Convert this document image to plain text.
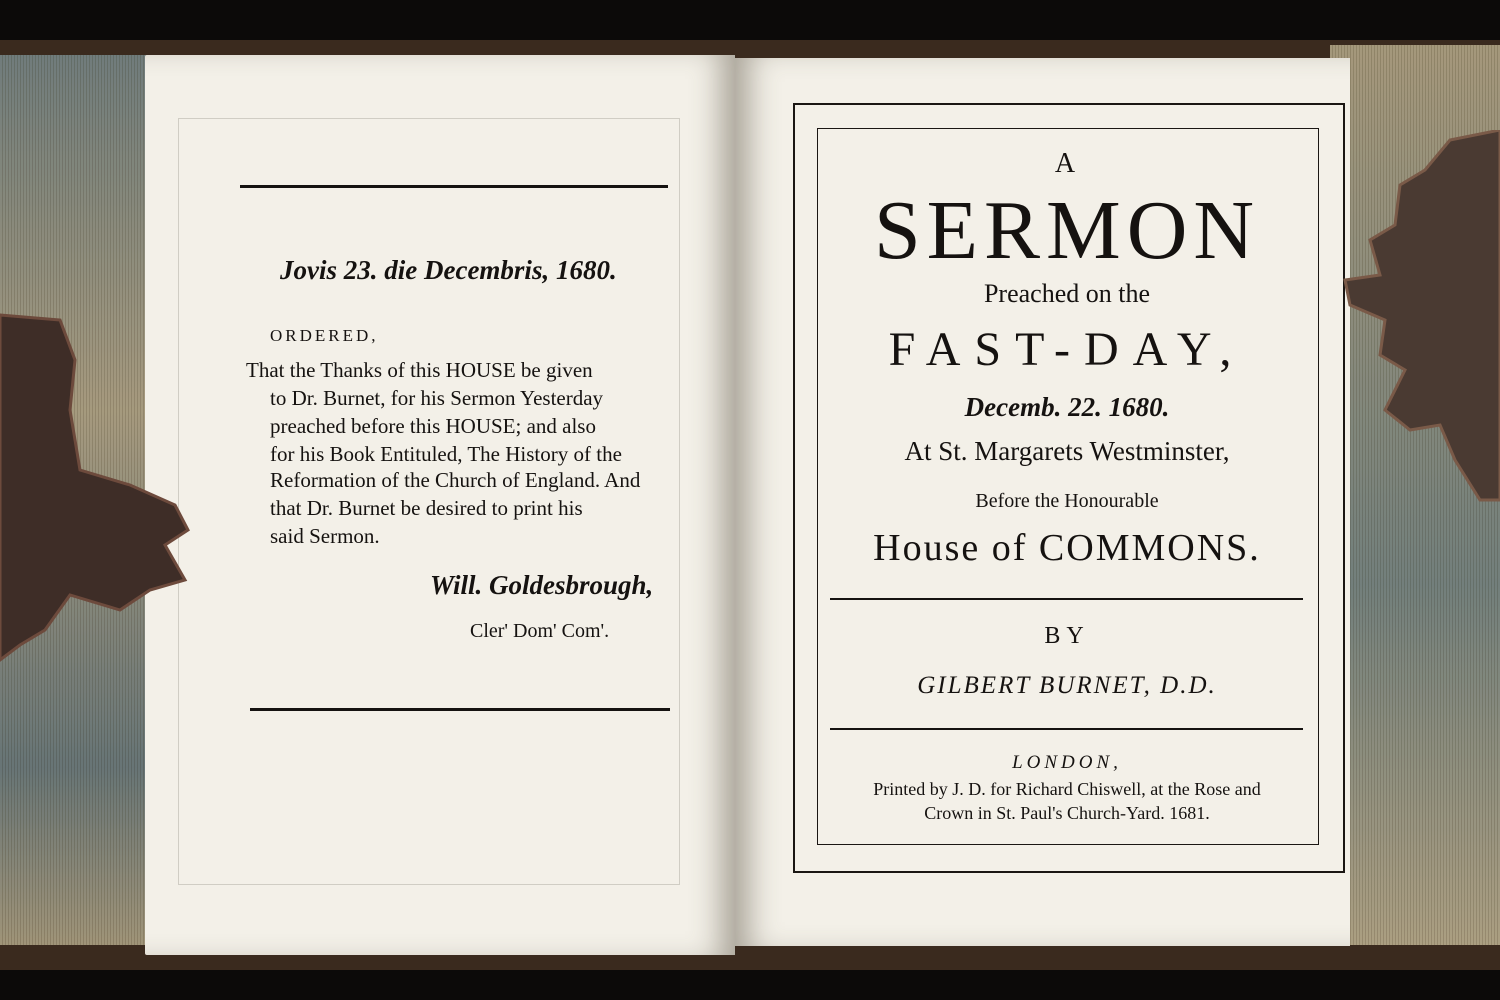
Jovis 23. die Decembris, 1680.
ORDERED,
That the Thanks of this HOUSE be given
to Dr. Burnet, for his Sermon Yesterday
preached before this HOUSE; and also
for his Book Entituled, The History of the
Reformation of the Church of England. And
that Dr. Burnet be desired to print his
said Sermon.
Will. Goldesbrough,
Cler' Dom' Com'.
A
SERMON
Preached on the
FAST-DAY,
Decemb. 22. 1680.
At St. Margarets Westminster,
Before the Honourable
House of COMMONS.
BY
GILBERT BURNET, D.D.
LONDON,
Printed by J. D. for Richard Chiswell, at the Rose and
Crown in St. Paul's Church-Yard. 1681.
